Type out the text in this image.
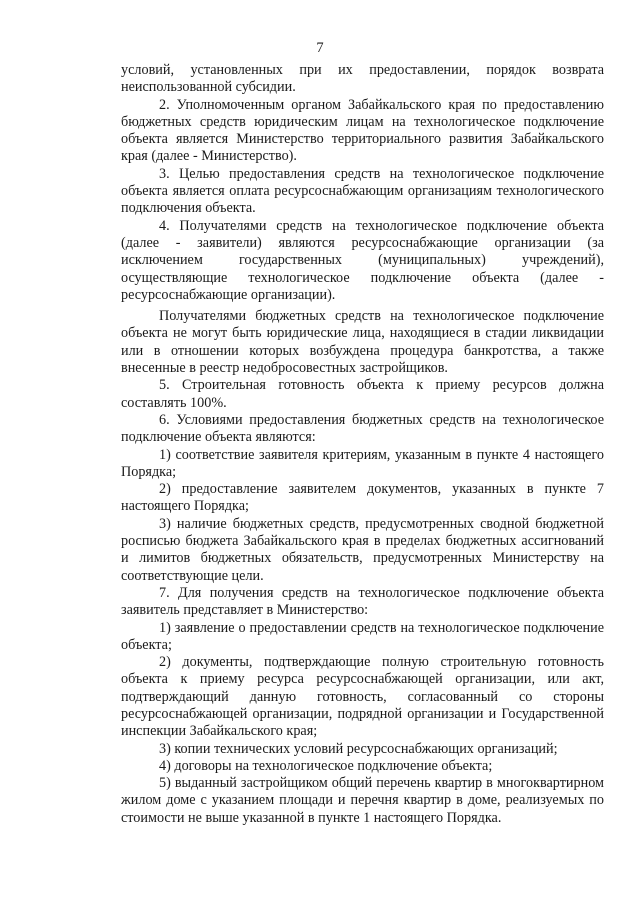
7

условий, установленных при их предоставлении, порядок возврата неиспользованной субсидии.

2. Уполномоченным органом Забайкальского края по предоставлению бюджетных средств юридическим лицам на технологическое подключение объекта является Министерство территориального развития Забайкальского края (далее - Министерство).

3. Целью предоставления средств на технологическое подключение объекта является оплата ресурсоснабжающим организациям технологического подключения объекта.

4. Получателями средств на технологическое подключение объекта (далее - заявители) являются ресурсоснабжающие организации (за исключением государственных (муниципальных) учреждений), осуществляющие технологическое подключение объекта (далее - ресурсоснабжающие организации).

Получателями бюджетных средств на технологическое подключение объекта не могут быть юридические лица, находящиеся в стадии ликвидации или в отношении которых возбуждена процедура банкротства, а также внесенные в реестр недобросовестных застройщиков.

5. Строительная готовность объекта к приему ресурсов должна составлять 100%.

6. Условиями предоставления бюджетных средств на технологическое подключение объекта являются:

1) соответствие заявителя критериям, указанным в пункте 4 настоящего Порядка;

2) предоставление заявителем документов, указанных в пункте 7 настоящего Порядка;

3) наличие бюджетных средств, предусмотренных сводной бюджетной росписью бюджета Забайкальского края в пределах бюджетных ассигнований и лимитов бюджетных обязательств, предусмотренных Министерству на соответствующие цели.

7. Для получения средств на технологическое подключение объекта заявитель представляет в Министерство:

1) заявление о предоставлении средств на технологическое подключение объекта;

2) документы, подтверждающие полную строительную готовность объекта к приему ресурса ресурсоснабжающей организации, или акт, подтверждающий данную готовность, согласованный со стороны ресурсоснабжающей организации, подрядной организации и Государственной инспекции Забайкальского края;

3) копии технических условий ресурсоснабжающих организаций;

4) договоры на технологическое подключение объекта;

5) выданный застройщиком общий перечень квартир в многоквартирном жилом доме с указанием площади и перечня квартир в доме, реализуемых по стоимости не выше указанной в пункте 1 настоящего Порядка.
